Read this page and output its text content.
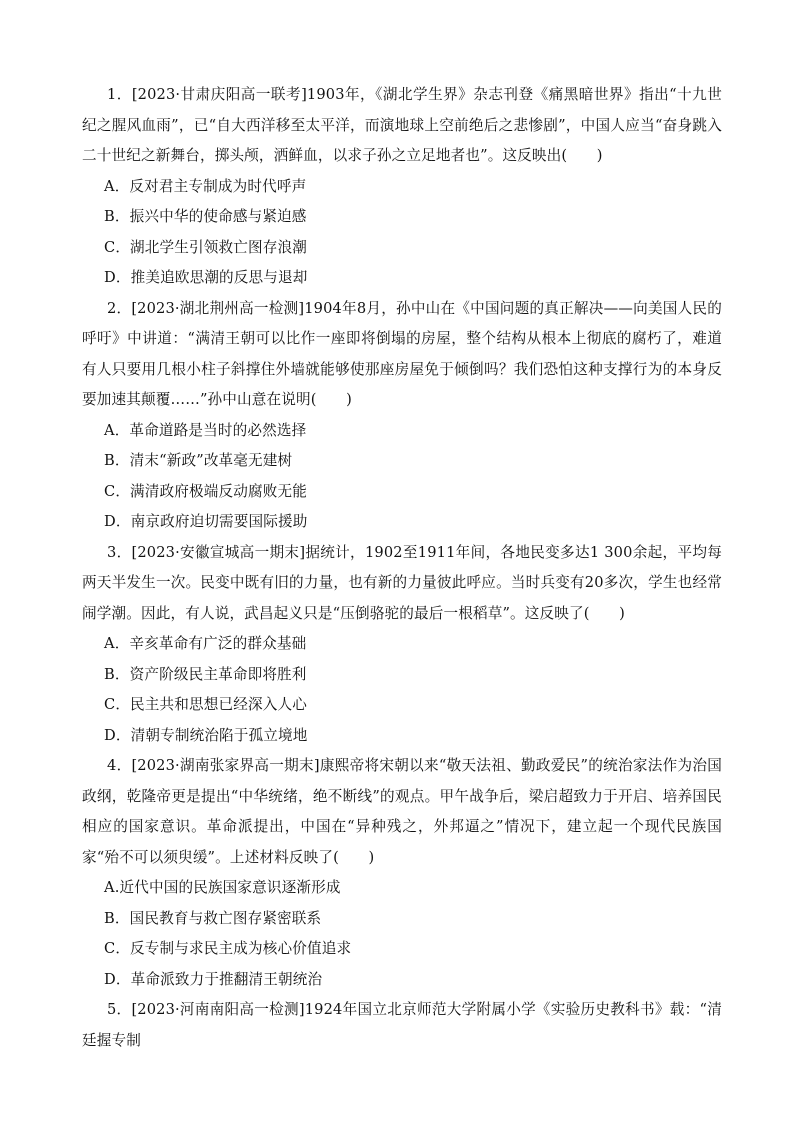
1．[2023·甘肃庆阳高一联考]1903年，《湖北学生界》杂志刊登《痛黑暗世界》指出“十九世纪之腥风血雨”，已“自大西洋移至太平洋，而演地球上空前绝后之悲惨剧”，中国人应当“奋身跳入二十世纪之新舞台，掷头颅，洒鲜血，以求子孙之立足地者也”。这反映出(　　)

A．反对君主专制成为时代呼声
B．振兴中华的使命感与紧迫感
C．湖北学生引领救亡图存浪潮
D．推美追欧思潮的反思与退却

2．[2023·湖北荆州高一检测]1904年8月，孙中山在《中国问题的真正解决——向美国人民的呼吁》中讲道：“满清王朝可以比作一座即将倒塌的房屋，整个结构从根本上彻底的腐朽了，难道有人只要用几根小柱子斜撑住外墙就能够使那座房屋免于倾倒吗？我们恐怕这种支撑行为的本身反要加速其颠覆……”孙中山意在说明(　　)

A．革命道路是当时的必然选择
B．清末“新政”改革毫无建树
C．满清政府极端反动腐败无能
D．南京政府迫切需要国际援助

3．[2023·安徽宣城高一期末]据统计，1902至1911年间，各地民变多达1 300余起，平均每两天半发生一次。民变中既有旧的力量，也有新的力量彼此呼应。当时兵变有20多次，学生也经常闹学潮。因此，有人说，武昌起义只是“压倒骆驼的最后一根稻草”。这反映了(　　)

A．辛亥革命有广泛的群众基础
B．资产阶级民主革命即将胜利
C．民主共和思想已经深入人心
D．清朝专制统治陷于孤立境地

4．[2023·湖南张家界高一期末]康熙帝将宋朝以来“敬天法祖、勤政爱民”的统治家法作为治国政纲，乾隆帝更是提出“中华统绪，绝不断线”的观点。甲午战争后，梁启超致力于开启、培养国民相应的国家意识。革命派提出，中国在“异种残之，外邦逼之”情况下，建立起一个现代民族国家“殆不可以须臾缓”。上述材料反映了(　　)

A.近代中国的民族国家意识逐渐形成
B．国民教育与救亡图存紧密联系
C．反专制与求民主成为核心价值追求
D．革命派致力于推翻清王朝统治

5．[2023·河南南阳高一检测]1924年国立北京师范大学附属小学《实验历史教科书》载：“清廷握专制
